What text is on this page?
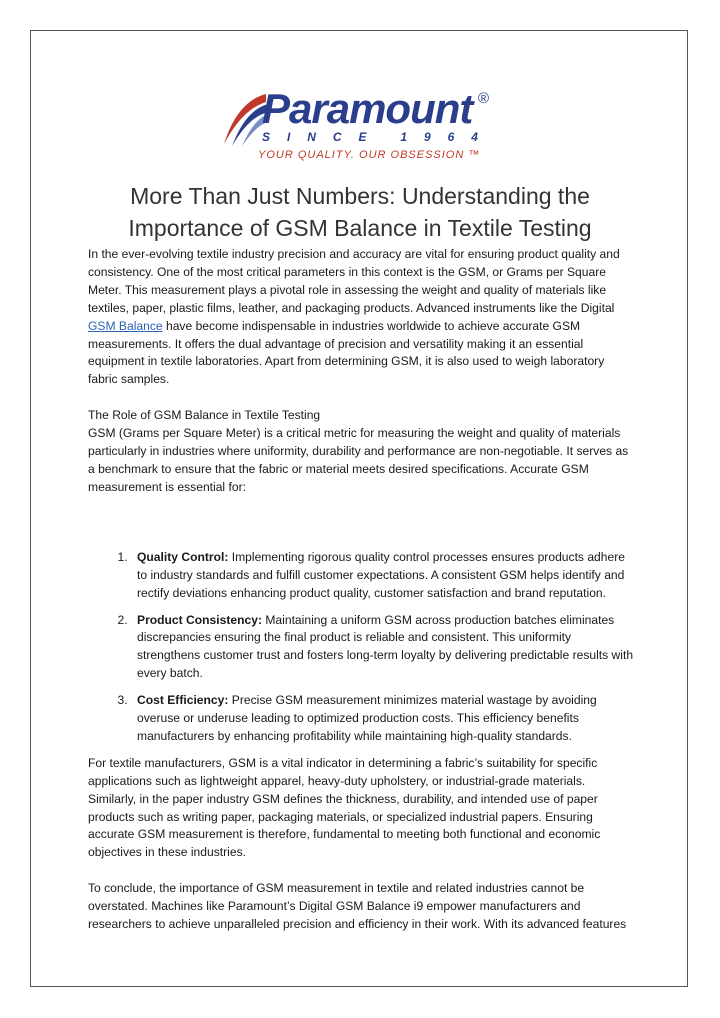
Paramount ®
S I N C E	1 9 6 4
YOUR QUALITY. OUR OBSESSION ™
More Than Just Numbers: Understanding the Importance of GSM Balance in Textile Testing

In the ever-evolving textile industry precision and accuracy are vital for ensuring product quality and consistency. One of the most critical parameters in this context is the GSM, or Grams per Square Meter. This measurement plays a pivotal role in assessing the weight and quality of materials like textiles, paper, plastic films, leather, and packaging products. Advanced instruments like the Digital GSM Balance have become indispensable in industries worldwide to achieve accurate GSM measurements. It offers the dual advantage of precision and versatility making it an essential equipment in textile laboratories. Apart from determining GSM, it is also used to weigh laboratory fabric samples.

The Role of GSM Balance in Textile Testing

GSM (Grams per Square Meter) is a critical metric for measuring the weight and quality of materials particularly in industries where uniformity, durability and performance are non-negotiable. It serves as a benchmark to ensure that the fabric or material meets desired specifications. Accurate GSM measurement is essential for:

1. Quality Control: Implementing rigorous quality control processes ensures products adhere to industry standards and fulfill customer expectations. A consistent GSM helps identify and rectify deviations enhancing product quality, customer satisfaction and brand reputation.
2. Product Consistency: Maintaining a uniform GSM across production batches eliminates discrepancies ensuring the final product is reliable and consistent. This uniformity strengthens customer trust and fosters long-term loyalty by delivering predictable results with every batch.
3. Cost Efficiency: Precise GSM measurement minimizes material wastage by avoiding overuse or underuse leading to optimized production costs. This efficiency benefits manufacturers by enhancing profitability while maintaining high-quality standards.

For textile manufacturers, GSM is a vital indicator in determining a fabric’s suitability for specific applications such as lightweight apparel, heavy-duty upholstery, or industrial-grade materials. Similarly, in the paper industry GSM defines the thickness, durability, and intended use of paper products such as writing paper, packaging materials, or specialized industrial papers. Ensuring accurate GSM measurement is therefore, fundamental to meeting both functional and economic objectives in these industries.

To conclude, the importance of GSM measurement in textile and related industries cannot be overstated. Machines like Paramount’s Digital GSM Balance i9 empower manufacturers and researchers to achieve unparalleled precision and efficiency in their work. With its advanced features
